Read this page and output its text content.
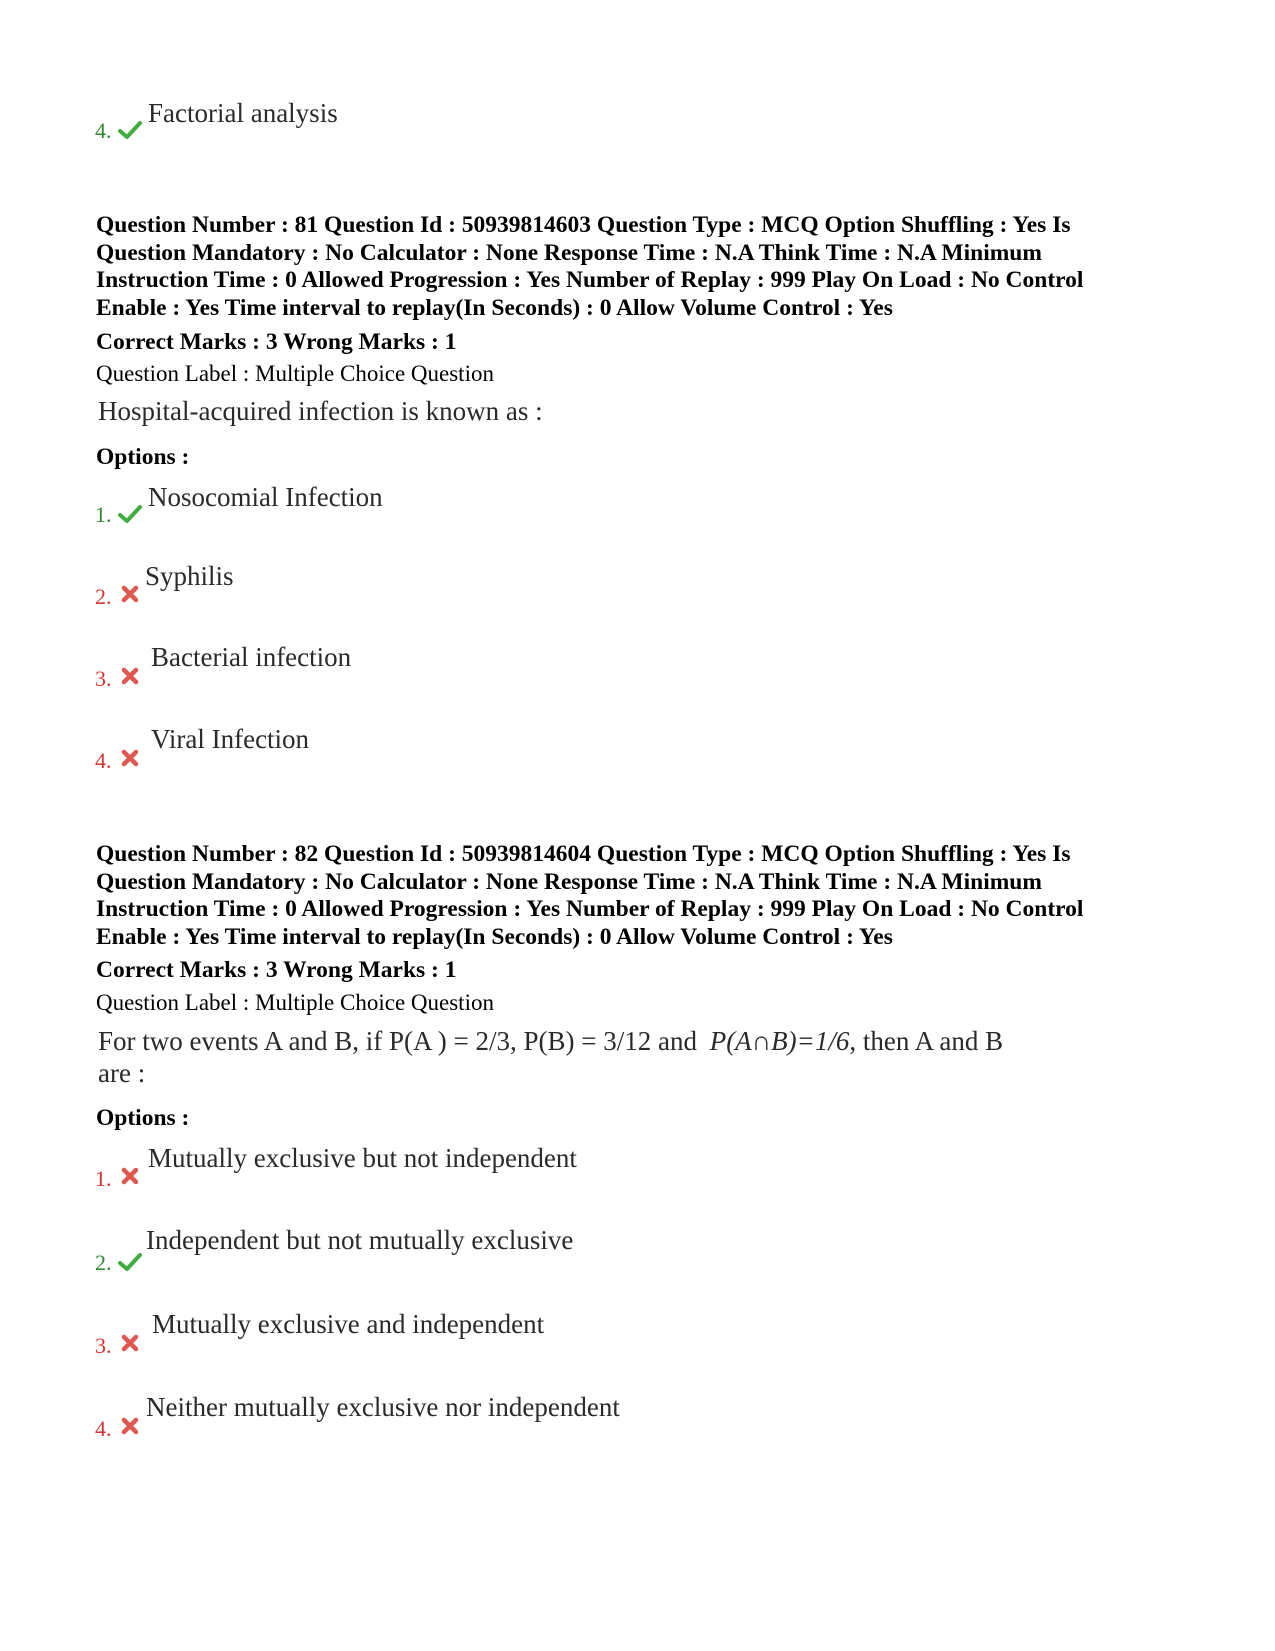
4.
Factorial analysis
Question Number : 81 Question Id : 50939814603 Question Type : MCQ Option Shuffling : Yes Is
Question Mandatory : No Calculator : None Response Time : N.A Think Time : N.A Minimum
Instruction Time : 0 Allowed Progression : Yes Number of Replay : 999 Play On Load : No Control
Enable : Yes Time interval to replay(In Seconds) : 0 Allow Volume Control : Yes
Correct Marks : 3 Wrong Marks : 1
Question Label : Multiple Choice Question
Hospital-acquired infection is known as :
Options :
1.
Nosocomial Infection
2.
Syphilis
3.
Bacterial infection
4.
Viral Infection
Question Number : 82 Question Id : 50939814604 Question Type : MCQ Option Shuffling : Yes Is
Question Mandatory : No Calculator : None Response Time : N.A Think Time : N.A Minimum
Instruction Time : 0 Allowed Progression : Yes Number of Replay : 999 Play On Load : No Control
Enable : Yes Time interval to replay(In Seconds) : 0 Allow Volume Control : Yes
Correct Marks : 3 Wrong Marks : 1
Question Label : Multiple Choice Question
For two events A and B, if P(A ) = 2/3, P(B) = 3/12 and P(A∩B)=1/6, then A and B
are :
Options :
1.
Mutually exclusive but not independent
2.
Independent but not mutually exclusive
3.
Mutually exclusive and independent
4.
Neither mutually exclusive nor independent
